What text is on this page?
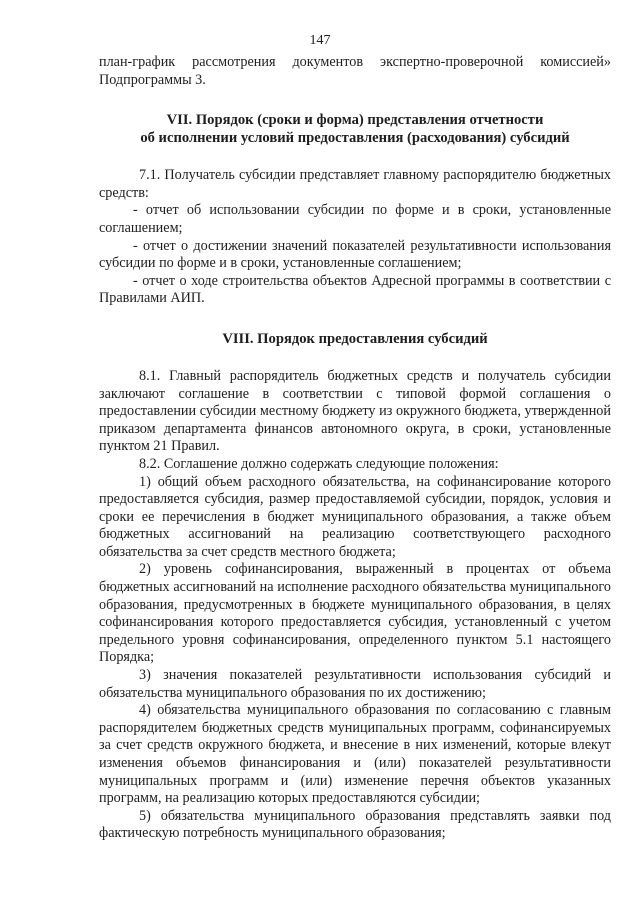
147

план-график рассмотрения документов экспертно-проверочной комиссией» Подпрограммы 3.

VII. Порядок (сроки и форма) представления отчетности
об исполнении условий предоставления (расходования) субсидий

7.1. Получатель субсидии представляет главному распорядителю бюджетных средств:

- отчет об использовании субсидии по форме и в сроки, установленные соглашением;

- отчет о достижении значений показателей результативности использования субсидии по форме и в сроки, установленные соглашением;

- отчет о ходе строительства объектов Адресной программы в соответствии с Правилами АИП.

VIII. Порядок предоставления субсидий

8.1. Главный распорядитель бюджетных средств и получатель субсидии заключают соглашение в соответствии с типовой формой соглашения о предоставлении субсидии местному бюджету из окружного бюджета, утвержденной приказом департамента финансов автономного округа, в сроки, установленные пунктом 21 Правил.

8.2. Соглашение должно содержать следующие положения:

1) общий объем расходного обязательства, на софинансирование которого предоставляется субсидия, размер предоставляемой субсидии, порядок, условия и сроки ее перечисления в бюджет муниципального образования, а также объем бюджетных ассигнований на реализацию соответствующего расходного обязательства за счет средств местного бюджета;

2) уровень софинансирования, выраженный в процентах от объема бюджетных ассигнований на исполнение расходного обязательства муниципального образования, предусмотренных в бюджете муниципального образования, в целях софинансирования которого предоставляется субсидия, установленный с учетом предельного уровня софинансирования, определенного пунктом 5.1 настоящего Порядка;

3) значения показателей результативности использования субсидий и обязательства муниципального образования по их достижению;

4) обязательства муниципального образования по согласованию с главным распорядителем бюджетных средств муниципальных программ, софинансируемых за счет средств окружного бюджета, и внесение в них изменений, которые влекут изменения объемов финансирования и (или) показателей результативности муниципальных программ и (или) изменение перечня объектов указанных программ, на реализацию которых предоставляются субсидии;

5) обязательства муниципального образования представлять заявки под фактическую потребность муниципального образования;
